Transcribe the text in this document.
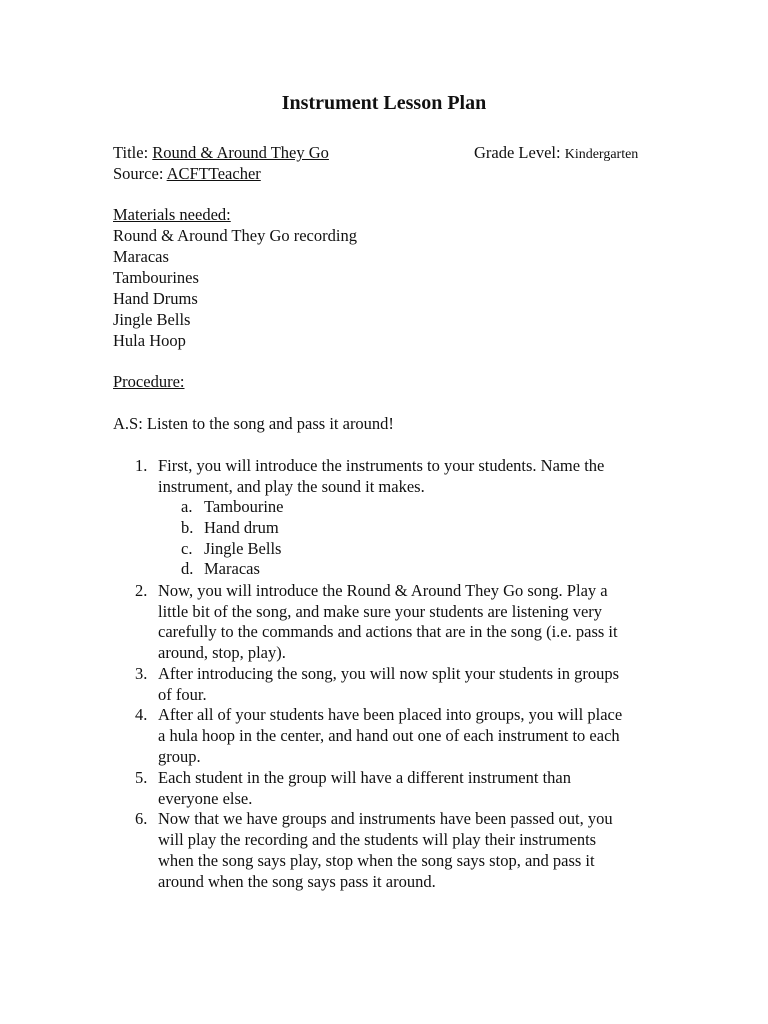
Instrument Lesson Plan
Title: Round & Around They Go	Grade Level: Kindergarten
Source: ACFTTeacher
Materials needed:
Round & Around They Go recording
Maracas
Tambourines
Hand Drums
Jingle Bells
Hula Hoop
Procedure:
A.S: Listen to the song and pass it around!
1. First, you will introduce the instruments to your students. Name the
instrument, and play the sound it makes.
a. Tambourine
b. Hand drum
c. Jingle Bells
d. Maracas
2. Now, you will introduce the Round & Around They Go song. Play a
little bit of the song, and make sure your students are listening very
carefully to the commands and actions that are in the song (i.e. pass it
around, stop, play).
3. After introducing the song, you will now split your students in groups
of four.
4. After all of your students have been placed into groups, you will place
a hula hoop in the center, and hand out one of each instrument to each
group.
5. Each student in the group will have a different instrument than
everyone else.
6. Now that we have groups and instruments have been passed out, you
will play the recording and the students will play their instruments
when the song says play, stop when the song says stop, and pass it
around when the song says pass it around.
